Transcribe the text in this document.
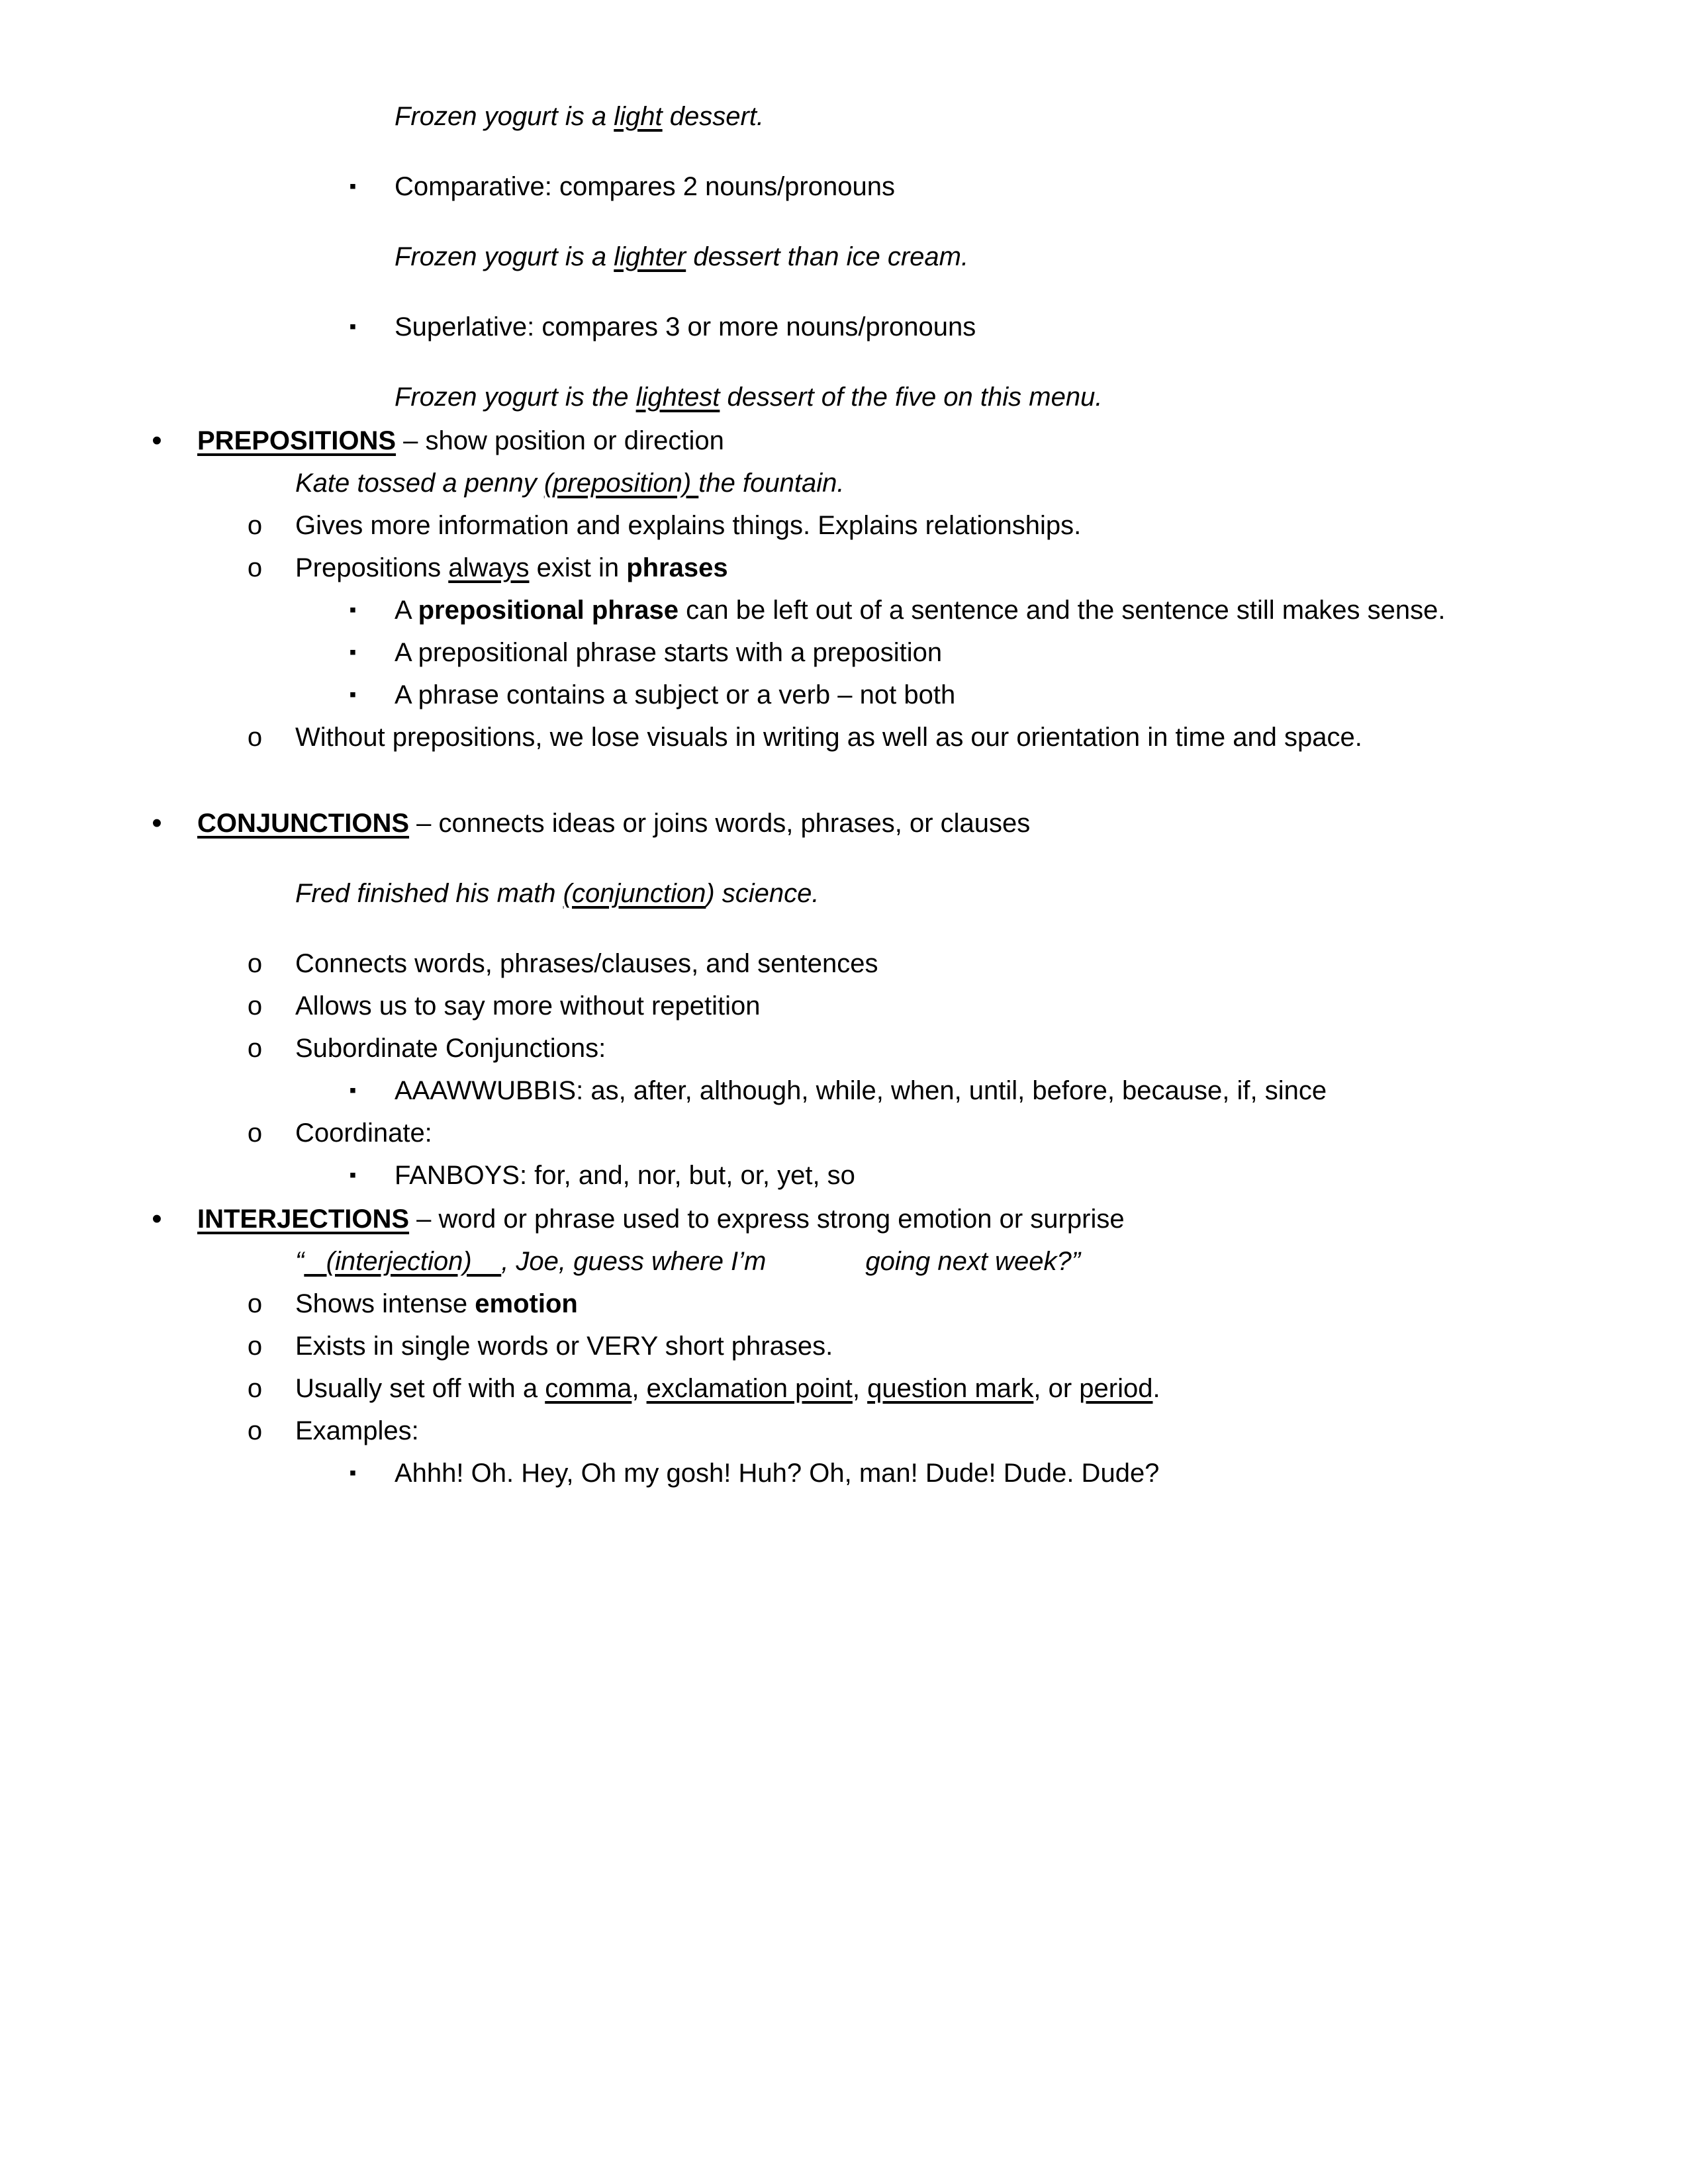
Frozen yogurt is a light dessert.
▪ Comparative: compares 2 nouns/pronouns
Frozen yogurt is a lighter dessert than ice cream.
▪ Superlative: compares 3 or more nouns/pronouns
Frozen yogurt is the lightest dessert of the five on this menu.
• PREPOSITIONS – show position or direction
Kate tossed a penny (preposition) the fountain.
o Gives more information and explains things. Explains relationships.
o Prepositions always exist in phrases
▪ A prepositional phrase can be left out of a sentence and the sentence still makes sense.
▪ A prepositional phrase starts with a preposition
▪ A phrase contains a subject or a verb – not both
o Without prepositions, we lose visuals in writing as well as our orientation in time and space.
• CONJUNCTIONS – connects ideas or joins words, phrases, or clauses
Fred finished his math (conjunction) science.
o Connects words, phrases/clauses, and sentences
o Allows us to say more without repetition
o Subordinate Conjunctions:
▪ AAAWWUBBIS: as, after, although, while, when, until, before, because, if, since
o Coordinate:
▪ FANBOYS: for, and, nor, but, or, yet, so
• INTERJECTIONS – word or phrase used to express strong emotion or surprise
“   (interjection)    , Joe, guess where I’m	going next week?”
o Shows intense emotion
o Exists in single words or VERY short phrases.
o Usually set off with a comma, exclamation point, question mark, or period.
o Examples:
▪ Ahhh! Oh. Hey, Oh my gosh! Huh? Oh, man! Dude! Dude. Dude?
